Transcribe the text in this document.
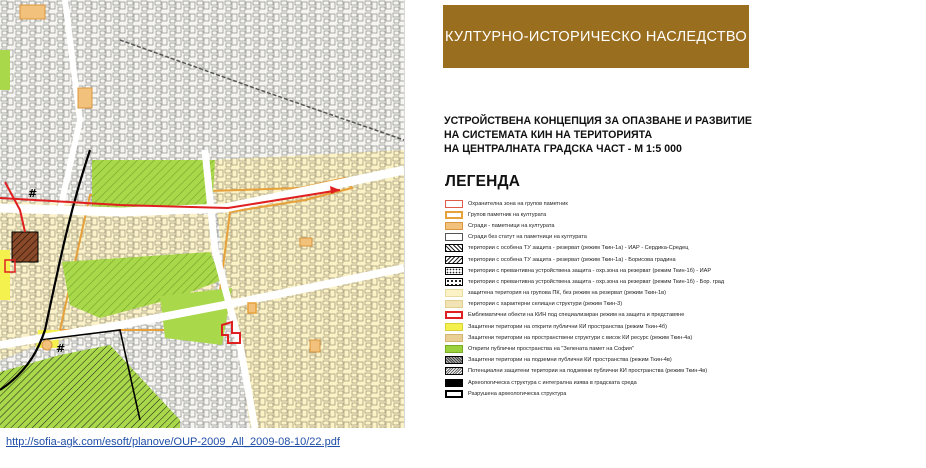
#
#
http://sofia-agk.com/esoft/planove/OUP-2009_All_2009-08-10/22.pdf
КУЛТУРНО-ИСТОРИЧЕСКО НАСЛЕДСТВО
УСТРОЙСТВЕНА КОНЦЕПЦИЯ ЗА ОПАЗВАНЕ И РАЗВИТИЕ
НА СИСТЕМАТА КИН НА ТЕРИТОРИЯТА
НА ЦЕНТРАЛНАТА ГРАДСКА ЧАСТ - М 1:5 000
ЛЕГЕНДА
Охранителна зона на групов паметник
Групов паметник на културата
Сгради - паметници на културата
Сгради без статут на паметници на културата
територии с особена ТУ защита - резерват (режим Ткин-1а) - ИАР - Сердика-Средец
територии с особена ТУ защита - резерват (режим Ткин-1а) - Борисова градина
територии с превантивна устройствена защита - охр.зона на резерват (режим Ткин-1б) - ИАР
територии с превантивна устройствена защита - охр.зона на резерват (режим Ткин-1б) - Бор. град
защитена територия на групова ПК, без режим на резерват (режим Ткин-1в)
територии с характерни селищни структури (режим Ткин-3)
Емблематични обекти на КИН под специализиран режим на защита и представяне
Защитени територии на открити публични КИ пространства (режим Ткин-4б)
Защитени територии на пространствени структури с висок КИ ресурс (режим Ткин-4а)
Открити публични пространства на "Зелената памет на София"
Защитени територии на подземни публични КИ пространства (режим Ткин-4в)
Потенциални защитени територии на подземни публични КИ пространства (режим Ткин-4в)
Археологическа структура с интегрална изява в градската среда
Разрушена археологическа структура
